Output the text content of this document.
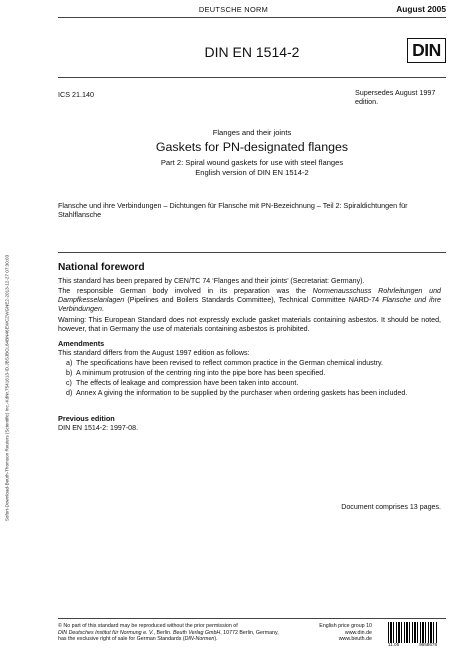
DEUTSCHE NORM	August 2005
DIN EN 1514-2	DIN
ICS 21.140	Supersedes August 1997 edition.
Flanges and their joints
Gaskets for PN-designated flanges
Part 2: Spiral wound gaskets for use with steel flanges
English version of DIN EN 1514-2
Flansche und ihre Verbindungen – Dichtungen für Flansche mit PN-Bezeichnung – Teil 2: Spiraldichtungen für Stahlflansche
Sofort-Download-Beuth-Thomson Reuters (Scientific) Inc.-KdNr.7541613-ID.JBSJBCL84BN46EWCZWGNE2-2013-12-27 07:30:03	National foreword
This standard has been prepared by CEN/TC 74 ‘Flanges and their joints’ (Secretariat: Germany).
The responsible German body involved in its preparation was the Normenausschuss Rohrleitungen und Dampfkesselanlagen (Pipelines and Boilers Standards Committee), Technical Committee NARD-74 Flansche und ihre Verbindungen.
Warning: This European Standard does not expressly exclude gasket materials containing asbestos. It should be noted, however, that in Germany the use of materials containing asbestos is prohibited.
Amendments
This standard differs from the August 1997 edition as follows:
a) The specifications have been revised to reflect common practice in the German chemical industry.
b) A minimum protrusion of the centring ring into the pipe bore has been specified.
c) The effects of leakage and compression have been taken into account.
d) Annex A giving the information to be supplied by the purchaser when ordering gaskets has been included.
Previous edition
DIN EN 1514-2: 1997-08.
Document comprises 13 pages.
© No part of this standard may be reproduced without the prior permission of
DIN Deutsches Institut für Normung e. V., Berlin. Beuth Verlag GmbH, 10772 Berlin, Germany,
has the exclusive right of sale for German Standards (DIN-Normen).
English price group 10
www.din.de
www.beuth.de
11.05	9658678
